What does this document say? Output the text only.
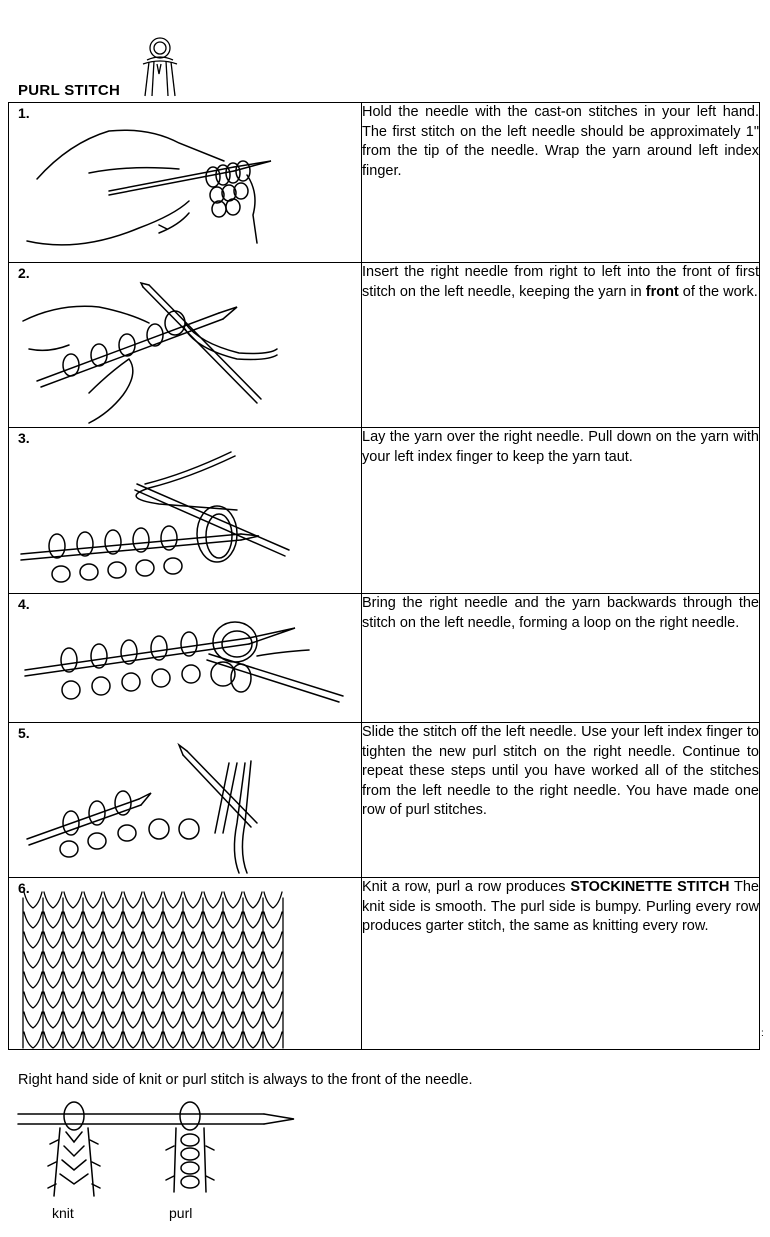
PURL STITCH
1.	Hold the needle with the cast-on stitches in your left hand. The first stitch on the left needle should be approximately 1" from the tip of the needle. Wrap the yarn around left index finger.

2.	Insert the right needle from right to left into the front of first stitch on the left needle, keeping the yarn in front of the work.

3.	Lay the yarn over the right needle. Pull down on the yarn with your left index finger to keep the yarn taut.

4.	Bring the right needle and the yarn backwards through the stitch on the left needle, forming a loop on the right needle.

5.	Slide the stitch off the left needle. Use your left index finger to tighten the new purl stitch on the right needle. Continue to repeat these steps until you have worked all of the stitches from the left needle to the right needle. You have made one row of purl stitches.

6.	Knit a row, purl a row produces STOCKINETTE STITCH The knit side is smooth. The purl side is bumpy. Purling every row produces garter stitch, the same as knitting every row.
:
Right hand side of knit or purl stitch is always to the front of the needle.
knit	purl
